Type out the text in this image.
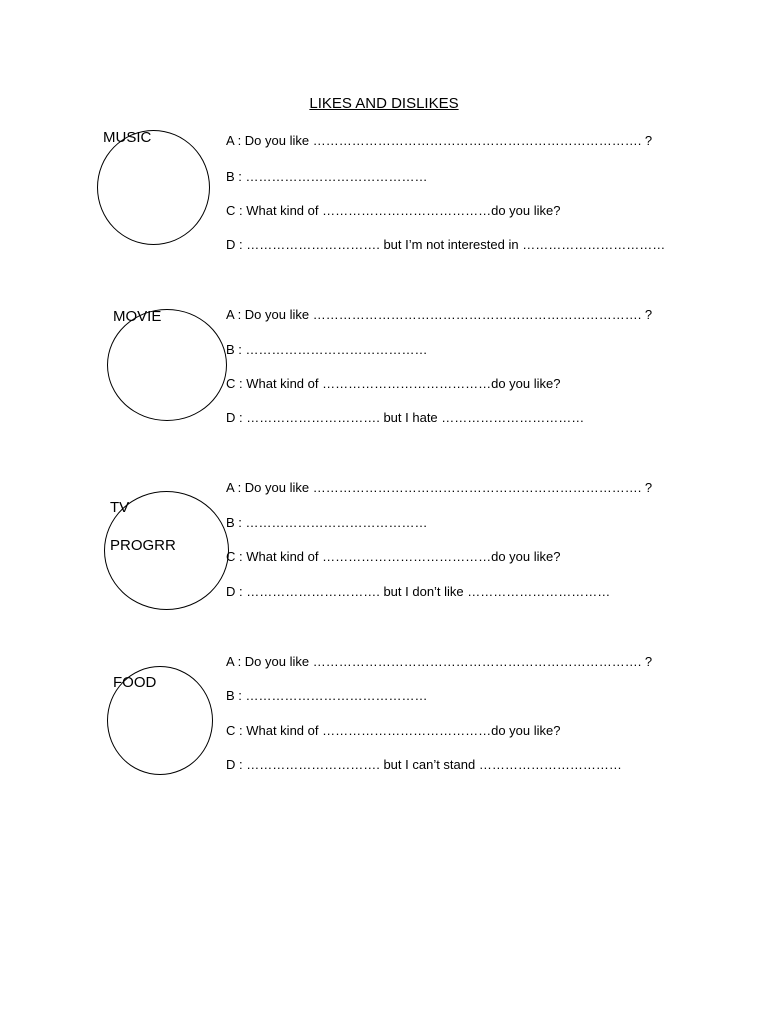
LIKES AND DISLIKES
MUSIC	A : Do you like …………………………………………………………………. ?
B : ……………………………………
C : What kind of …………………………………do you like?
D : …………………………. but I’m not interested in ……………………………
MOVIE	A : Do you like …………………………………………………………………. ?
B : ……………………………………
C : What kind of …………………………………do you like?
D : …………………………. but I hate ……………………………
TV
PROGRR
A : Do you like …………………………………………………………………. ?
B : ……………………………………
C : What kind of …………………………………do you like?
D : …………………………. but I don’t like ……………………………
FOOD
A : Do you like …………………………………………………………………. ?
B : ……………………………………
C : What kind of …………………………………do you like?
D : …………………………. but I can’t stand ……………………………
